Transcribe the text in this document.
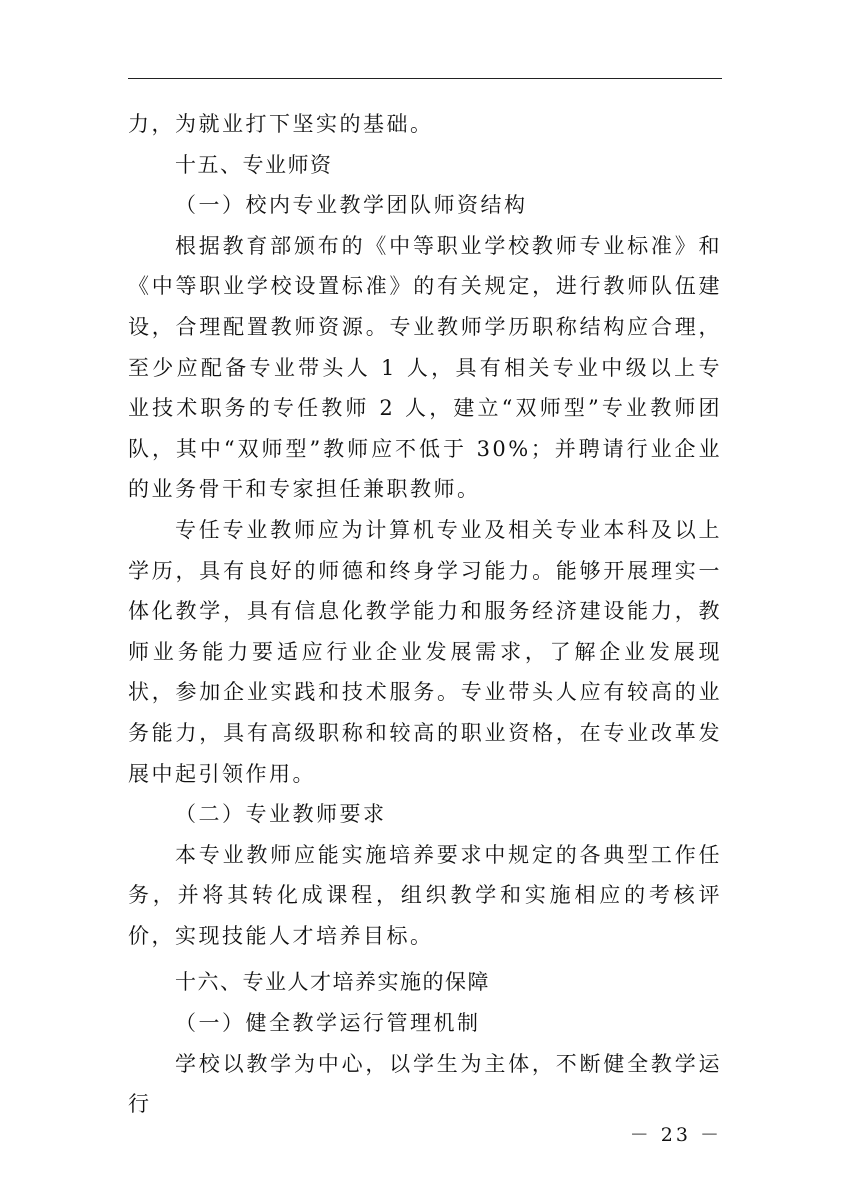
力，为就业打下坚实的基础。

十五、专业师资

（一）校内专业教学团队师资结构

根据教育部颁布的《中等职业学校教师专业标准》和《中等职业学校设置标准》的有关规定，进行教师队伍建设，合理配置教师资源。专业教师学历职称结构应合理，至少应配备专业带头人 1 人，具有相关专业中级以上专业技术职务的专任教师 2 人，建立“双师型”专业教师团队，其中“双师型”教师应不低于 30%；并聘请行业企业的业务骨干和专家担任兼职教师。

专任专业教师应为计算机专业及相关专业本科及以上学历，具有良好的师德和终身学习能力。能够开展理实一体化教学，具有信息化教学能力和服务经济建设能力，教师业务能力要适应行业企业发展需求，了解企业发展现状，参加企业实践和技术服务。专业带头人应有较高的业务能力，具有高级职称和较高的职业资格，在专业改革发展中起引领作用。

（二）专业教师要求

本专业教师应能实施培养要求中规定的各典型工作任务，并将其转化成课程，组织教学和实施相应的考核评价，实现技能人才培养目标。

十六、专业人才培养实施的保障

（一）健全教学运行管理机制

学校以教学为中心，以学生为主体，不断健全教学运行

－ 23 －
